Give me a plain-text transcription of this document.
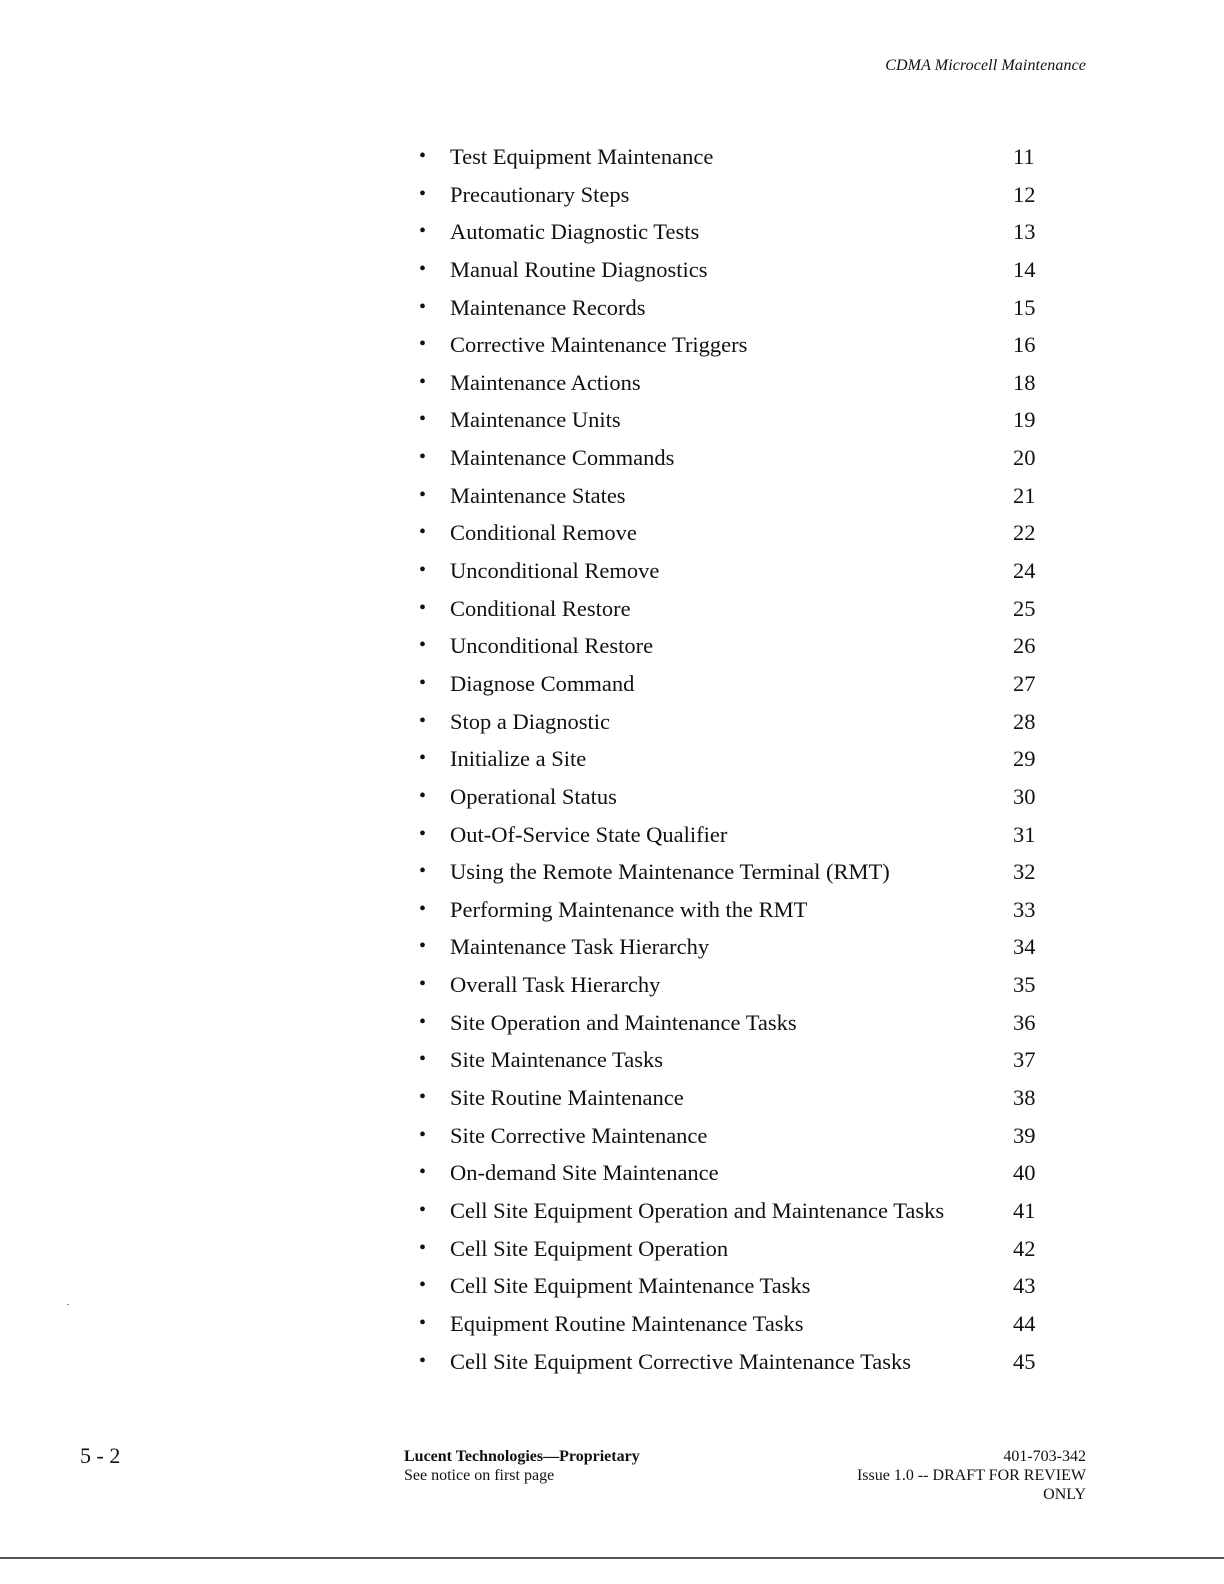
CDMA Microcell Maintenance
• Test Equipment Maintenance	11
• Precautionary Steps	12
• Automatic Diagnostic Tests	13
• Manual Routine Diagnostics	14
• Maintenance Records	15
• Corrective Maintenance Triggers	16
• Maintenance Actions	18
• Maintenance Units	19
• Maintenance Commands	20
• Maintenance States	21
• Conditional Remove	22
• Unconditional Remove	24
• Conditional Restore	25
• Unconditional Restore	26
• Diagnose Command	27
• Stop a Diagnostic	28
• Initialize a Site	29
• Operational Status	30
• Out-Of-Service State Qualifier	31
• Using the Remote Maintenance Terminal (RMT)	32
• Performing Maintenance with the RMT	33
• Maintenance Task Hierarchy	34
• Overall Task Hierarchy	35
• Site Operation and Maintenance Tasks	36
• Site Maintenance Tasks	37
• Site Routine Maintenance	38
• Site Corrective Maintenance	39
• On-demand Site Maintenance	40
• Cell Site Equipment Operation and Maintenance Tasks	41
• Cell Site Equipment Operation	42
• Cell Site Equipment Maintenance Tasks	43
• Equipment Routine Maintenance Tasks	44
• Cell Site Equipment Corrective Maintenance Tasks	45
5 - 2	Lucent Technologies—Proprietary
See notice on first page
401-703-342
Issue 1.0 -- DRAFT FOR REVIEW
ONLY
